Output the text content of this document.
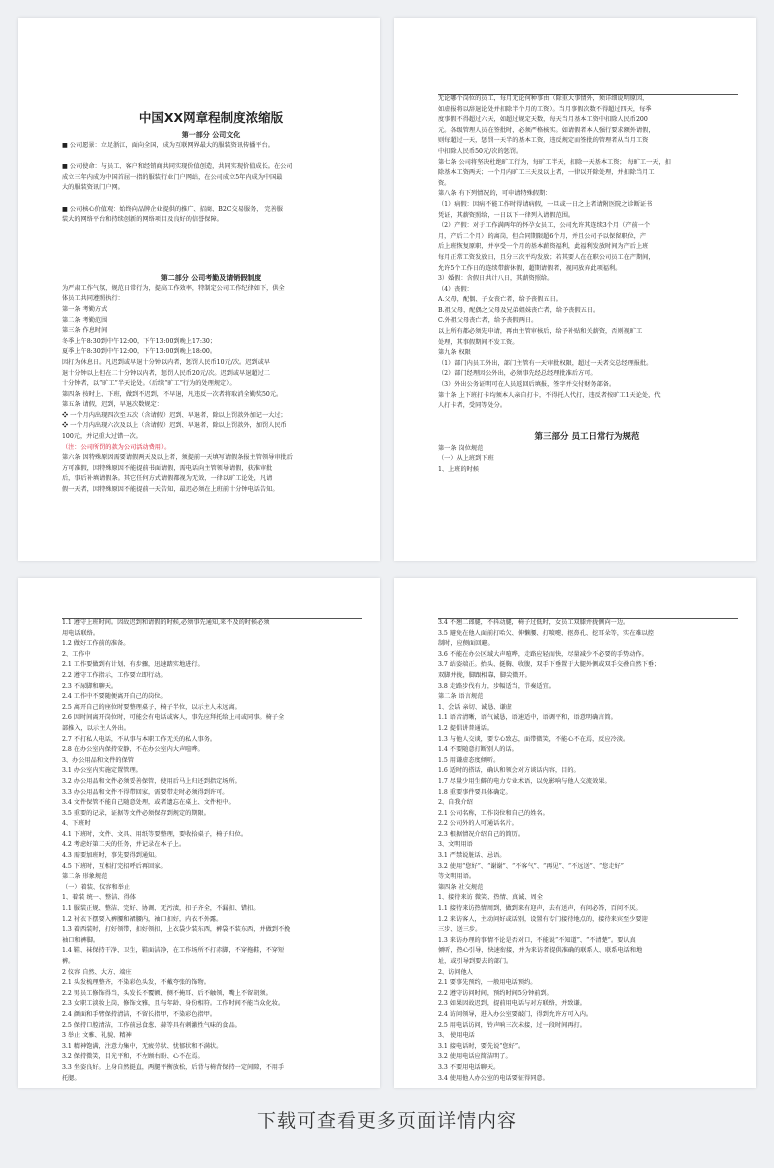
中国XX网章程制度浓缩版
第一部分 公司文化
■ 公司愿景：立足浙江，面向全国，成为互联网界最大的服装资讯传播平台。

■ 公司使命：与员工、客户和经销商共同实现价值创造，共同实现价值成长。在公司
成立三年内成为中国首屈一指的服装行业门户网站，在公司成立5年内成为中国最
大的服装资讯门户网。

■ 公司核心价值观：始终向品牌企业提供的推广、招商、B2C交易服务， 完善服
装大的网络平台和持续创新的网络项目及良好的信誉保障。
第二部分 公司考勤及请销假制度
为严肃工作气氛，规范日常行为，提高工作效率，特制定公司工作纪律如下，供全
体员工共同遵照执行：
第一条 考勤方式
第二条 考勤范围
第三条 作息时间
冬季上午8:30到中午12:00，下午13:00到晚上17:30；
夏季上午8:30到中午12:00，下午13:00到晚上18:00。
因打为休息日。凡迟到或早退十分钟以内者，惩罚人民币10元/次。迟到或早
退十分钟以上但在二十分钟以内者，惩罚人民币20元/次。迟到或早退超过二
十分钟者，以“旷工”半天论处。（后续“旷工”行为的处理规定）。
第四条 按时上、下班，做到不迟到，不早退，凡违反一次者将取消全勤奖50元。
第五条 请假，迟到，早退次数规定：
❖ 一个月内出现四次至五次（含请假）迟到、早退者，除以上罚款外加记一大过；
❖ 一个月内出现六次及以上（含请假）迟到、早退者，除以上罚款外，加罚人民币
100元，并记重大过错一次。
（注：公司所罚的款为公司活动费用）。
第六条 因特殊原因需要请假两天及以上者，须提前一天填写请假条报主管领导审批后
方可准假，因特殊原因不能提前书面请假，需电话向主管领导请假，获准审批
后，事后补填请假条。其它任何方式请假都视为无效，一律以旷工论处，凡请
假一天者，因特殊原因不能提前一天告知，最迟必须在上班前十分钟电话告知。
无论哪个岗位的员工，每月无论何种事由（除重大事情外，须详细说明原因，
如虚报将以辞退论处并扣除半个月的工资）。当月事假次数不得超过四天，每季
度事假不得超过六天，如超过规定天数，每天当月基本工资中扣除人民币200
元。各级管理人员在签批时，必须严格核实。如请假者本人强行要求额外请假，
则每超过一天，惩罚一天半的基本工资，违反规定而签批的管理者从当月工资
中扣除人民币50元/次的惩罚。
第七条 公司将坚决杜绝旷工行为，每旷工半天，扣除一天基本工资； 每旷工一天，扣
除基本工资两天；一个月内旷工三天及以上者，一律以开除处理，并扣除当月工
资。
第八条 有下列情况的，可申请特殊假期：
（1）病假：因病不能工作时得请病假，一旦或一日之上者请附医院之诊断证书
凭证，其薪资照给，一日以下一律列入请假范围。
（2）产假：对于工作满两年的怀孕女员工，公司允许其连续3个月（产前一个
月，产后二个月）的离岗，但合同期限超6个月，并且公司予以保留职位，产
后上班恢复原职，并享受一个月的基本薪资福利，此福利发放时间为产后上班
每月正常工资发放日，且分三次平均发放；若其要人在在职公司员工在产期间，
允许5个工作日的连续带薪休假，超期请假者，视同放弃此项福利。
3）婚假：含假日共计八日，其薪资照给。
（4）丧假：
A.父母，配偶、子女丧亡者，给予丧假五日。
B.祖父母，配偶之父母及兄弟姐妹丧亡者，给予丧假五日。
C.外祖父母丧亡者，给予丧假两日。
以上所有都必须先申请，再由主管审核后，给予补贴和关薪资，否则视旷工
处理，其事假期间不发工资。
第九条 权限
（1）部门内员工外出，部门主管有一天审批权限，超过一天者交总经理报批。
（2）部门经理因公外出，必须事先经总经理批准后方可。
（3）外出公务证明可在人员返回后填报，签字并交付财务部备。
第十条 上下班打卡均须本人亲自打卡，不得托人代打，违反者按旷工1天论处，代
人打卡者，受同等处分。
第三部分 员工日常行为规范
第一条 岗位规范
（一）从上班到下班
1、上班的时候
1.1 遵守上班时间。因故迟到和请假的时候,必须事先通知,来不及的时候必须
用电话联络。
1.2 做好工作前的准备。
2、工作中
2.1 工作要做到有计划、有步骤，迅速踏实地进行。
2.2 遵守工作指示，工作要立即行动。
2.3 不尿脚和聊天。
2.4 工作中不要随便离开自己的岗位。
2.5 离开自己的座位时要整理桌子，椅子半位，以示主人未远离。
2.6 因时间离开岗位时，可能会有电话或客人，事先应拜托给上司或同事。椅子全
部推入，以示主人外出。
2.7 不打私人电话，不从事与本职工作无关的私人事务。
2.8 在办公室内保持安静，不在办公室内大声喧哗。
3、办公用品和文件的保管
3.1 办公室内实施定置管理。
3.2 办公用品和文件必须妥善保管，使用后马上归还到指定场所。
3.3 办公用品和文件不得带回家，需要带走时必须得到许可。
3.4 文件保管不能自己随意处理，或者遗忘在桌上、文件柜中。
3.5 重要的记录，证据等文件必须保存到规定的期限。
4、下班时
4.1 下班时，文件、文具、用纸等要整理，要收拾桌子，椅子归位。
4.2 考虑好第二天的任务，并记录在本子上。
4.3 需要加班时，事先要得到通知。
4.5 下班时，互相打完招呼后再回家。
第二条 形象规范
（一）着装、仪容和举止
1、着装 统一、整洁、得体
1.1 服装正规、整洁、完好、协调、无污渍，扣子齐全，不漏扣、错扣。
1.2 衬衣下摆要入裤腰和裙腰内，袖口扣好，内衣不外露。
1.3 着西装时，打好领带，扣好领扣，上衣袋少装东西，裤袋不装东西，并做到不挽
袖口和裤脚。
1.4 鞋、袜保持干净、卫生，鞋面洁净，在工作场所不打赤脚，不穿拖鞋，不穿短
裤。
2 仪容 自然、大方、端庄
2.1 头发梳理整齐，不染彩色头发，不戴夸张的饰物。
2.2 男员工修饰得当，头发长不覆额、侧不掩耳、后不触领，嘴上不留胡须。
2.3 女职工淡妆上岗，修饰文雅，且与年龄、身份相符。工作时间不能当众化妆。
2.4 颜面和手臂保持清洁，不留长指甲，不染彩色指甲。
2.5 保持口腔清洁，工作前忌食葱、蒜等具有刺激性气味的食品。
3 举止 文雅、礼貌、精神
3.1 精神饱满，注意力集中，无疲劳状、忧郁状和不满状。
3.2 保持微笑，目光平和，不左顾右盼、心不在焉。
3.3 坐姿良好。上身自然挺直，两腿平衡放松，后背与椅背保持一定间隙，不用手
托腮。
3.4 不翘二郎腿，不抖动腿，椅子过低时，女员工双膝并拢侧向一边。
3.5 避免在他人面前打哈欠、伸懒腰、打喷嚏、抠鼻孔、挖耳朵等，实在难以控
制时，应侧面回避。
3.6 不能在办公区域大声喧哗，走路应轻而快，尽量减少不必要的手势动作。
3.7 站姿端正。抬头、挺胸、收腹，双手下垂置于大腿外侧或双手交叠自然下垂；
双脚并拢，脚跟相靠，脚尖微开。
3.8 走路步伐有力，步幅适当，节奏适宜。
第二条 语言规范
1、会话 亲切、诚恳、谦虚
1.1 语音清晰，语气诚恳，语速适中，语调平和，语意明确言简。
1.2 提倡讲普通话。
1.3 与他人交谈，要专心致志，面带微笑，不能心不在焉，反应冷淡。
1.4 不要随意打断别人的话。
1.5 用谦虚态度倾听。
1.6 适时的搭话，确认和领会对方谈话内容，目的。
1.7 尽量少用生僻的电力专业术语，以免影响与他人交流效果。
1.8 重要事件要具体确定。
2、自我介绍
2.1 公司名称，工作岗位和自己的姓名。
2.2 公司外的人可通话名片。
2.3 根据情况介绍自己的简历。
3、文明用语
3.1 严禁说脏话、忌语。
3.2 使用“您好”、“谢谢”、“不客气”、“再见”、“不远送”、“您走好”
等文明用语。
第四条 社交规范
1、接待来访 微笑、热情、真诚、周全
1.1 接待来访热情周到，做到来有迎声，去有送声，有问必答，百问不厌。
1.2 来访客人，主动问好或话别，设置有专门接待地点的，接待来宾至少要迎
三步、送三步。
1.3 来访办理的事情不论是否对口，不能说“不知道”、“不清楚”。要认真
倾听，热心引导，快速衔接，并为来访者提供准确的联系人、联系电话和地
址，或引导到要去的部门。
2、访问他人
2.1 要事先预约，一般用电话预约。
2.2 遵守访问时间，预约时间5分钟前到。
2.3 如果因故迟到，提前用电话与对方联络，并致谦。
2.4 访问领导，进入办公室要敲门，得到允许方可入内。
2.5 用电话访问，铃声响三次未接，过一段时间再打。
3、 使用电话
3.1 接电话时，要先说“您好”。
3.2 使用电话应简洁明了。
3.3 不要用电话聊天。
3.4 使用他人办公室的电话要征得同意。
下载可查看更多页面详情内容
